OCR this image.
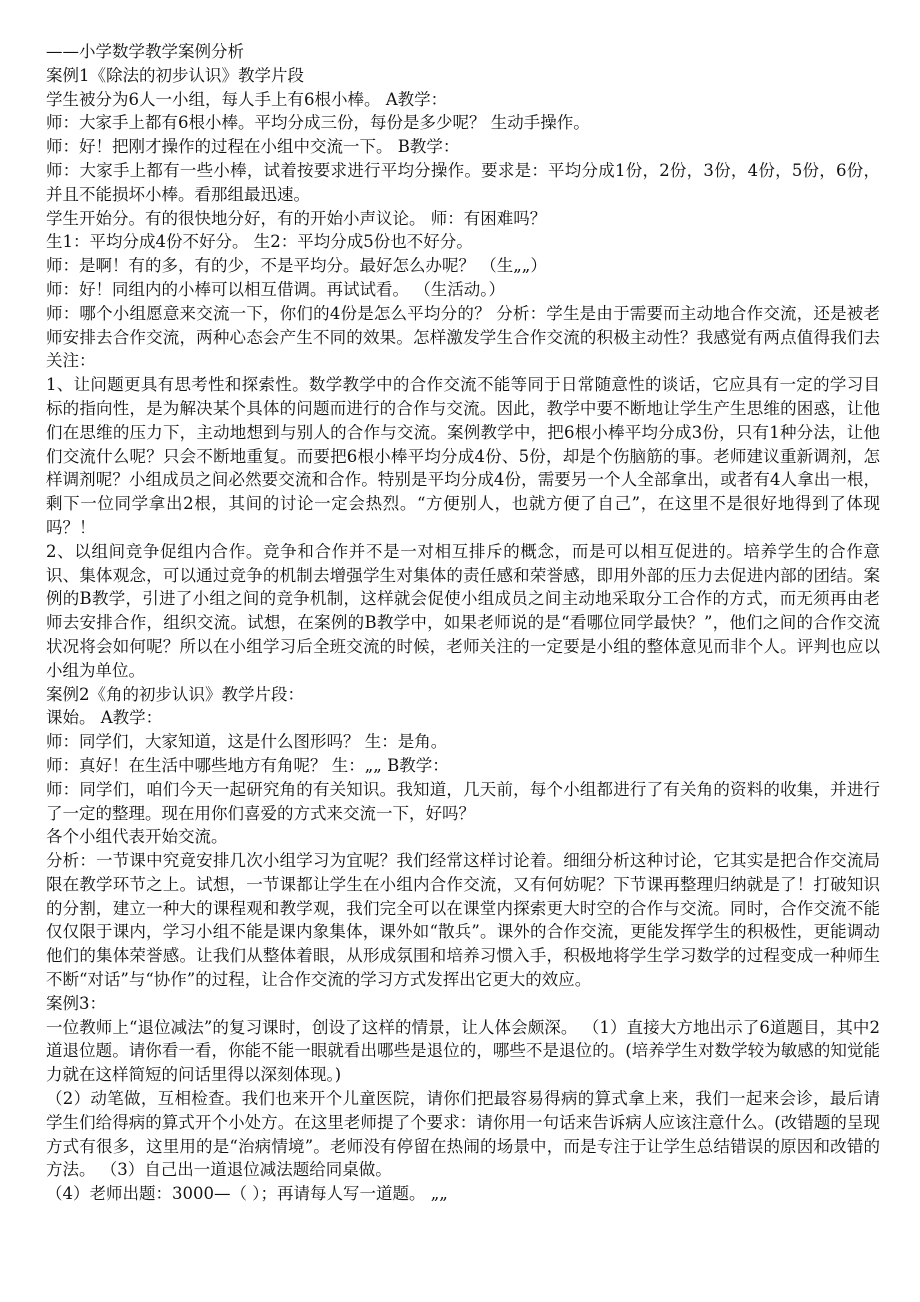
——小学数学教学案例分析

案例1《除法的初步认识》教学片段

学生被分为6人一小组，每人手上有6根小棒。 A教学：

师：大家手上都有6根小棒。平均分成三份，每份是多少呢？ 生动手操作。

师：好！把刚才操作的过程在小组中交流一下。 B教学：

师：大家手上都有一些小棒，试着按要求进行平均分操作。要求是：平均分成1份，2份，3份，4份，5份，6份，并且不能损坏小棒。看那组最迅速。

学生开始分。有的很快地分好，有的开始小声议论。 师：有困难吗？

生1：平均分成4份不好分。 生2：平均分成5份也不好分。

师：是啊！有的多，有的少，不是平均分。最好怎么办呢？ （生„„）

师：好！同组内的小棒可以相互借调。再试试看。 （生活动。）

师：哪个小组愿意来交流一下，你们的4份是怎么平均分的？ 分析：学生是由于需要而主动地合作交流，还是被老师安排去合作交流，两种心态会产生不同的效果。怎样激发学生合作交流的积极主动性？我感觉有两点值得我们去关注：

1、让问题更具有思考性和探索性。数学教学中的合作交流不能等同于日常随意性的谈话，它应具有一定的学习目标的指向性，是为解决某个具体的问题而进行的合作与交流。因此，教学中要不断地让学生产生思维的困惑，让他们在思维的压力下，主动地想到与别人的合作与交流。案例教学中，把6根小棒平均分成3份，只有1种分法，让他们交流什么呢？只会不断地重复。而要把6根小棒平均分成4份、5份，却是个伤脑筋的事。老师建议重新调剂，怎样调剂呢？小组成员之间必然要交流和合作。特别是平均分成4份，需要另一个人全部拿出，或者有4人拿出一根，剩下一位同学拿出2根，其间的讨论一定会热烈。“方便别人，也就方便了自己”，在这里不是很好地得到了体现吗？！

2、以组间竞争促组内合作。竞争和合作并不是一对相互排斥的概念，而是可以相互促进的。培养学生的合作意识、集体观念，可以通过竞争的机制去增强学生对集体的责任感和荣誉感，即用外部的压力去促进内部的团结。案例的B教学，引进了小组之间的竞争机制，这样就会促使小组成员之间主动地采取分工合作的方式，而无须再由老师去安排合作，组织交流。试想，在案例的B教学中，如果老师说的是“看哪位同学最快？”，他们之间的合作交流状况将会如何呢？所以在小组学习后全班交流的时候，老师关注的一定要是小组的整体意见而非个人。评判也应以小组为单位。

案例2《角的初步认识》教学片段：

课始。 A教学：

师：同学们，大家知道，这是什么图形吗？ 生：是角。

师：真好！在生活中哪些地方有角呢？ 生：„„ B教学：

师：同学们，咱们今天一起研究角的有关知识。我知道，几天前，每个小组都进行了有关角的资料的收集，并进行了一定的整理。现在用你们喜爱的方式来交流一下，好吗？

各个小组代表开始交流。

分析：一节课中究竟安排几次小组学习为宜呢？我们经常这样讨论着。细细分析这种讨论，它其实是把合作交流局限在教学环节之上。试想，一节课都让学生在小组内合作交流，又有何妨呢？下节课再整理归纳就是了！打破知识的分割，建立一种大的课程观和教学观，我们完全可以在课堂内探索更大时空的合作与交流。同时，合作交流不能仅仅限于课内，学习小组不能是课内象集体，课外如“散兵”。课外的合作交流，更能发挥学生的积极性，更能调动他们的集体荣誉感。让我们从整体着眼，从形成氛围和培养习惯入手，积极地将学生学习数学的过程变成一种师生不断“对话”与“协作”的过程，让合作交流的学习方式发挥出它更大的效应。

案例3：

一位教师上“退位减法”的复习课时，创设了这样的情景，让人体会颇深。 （1）直接大方地出示了6道题目，其中2道退位题。请你看一看，你能不能一眼就看出哪些是退位的，哪些不是退位的。(培养学生对数学较为敏感的知觉能力就在这样简短的问话里得以深刻体现。)

（2）动笔做，互相检查。我们也来开个儿童医院，请你们把最容易得病的算式拿上来，我们一起来会诊，最后请学生们给得病的算式开个小处方。在这里老师提了个要求：请你用一句话来告诉病人应该注意什么。(改错题的呈现方式有很多，这里用的是“治病情境”。老师没有停留在热闹的场景中，而是专注于让学生总结错误的原因和改错的方法。 （3）自己出一道退位减法题给同桌做。

（4）老师出题：3000—（ ）；再请每人写一道题。 „„
